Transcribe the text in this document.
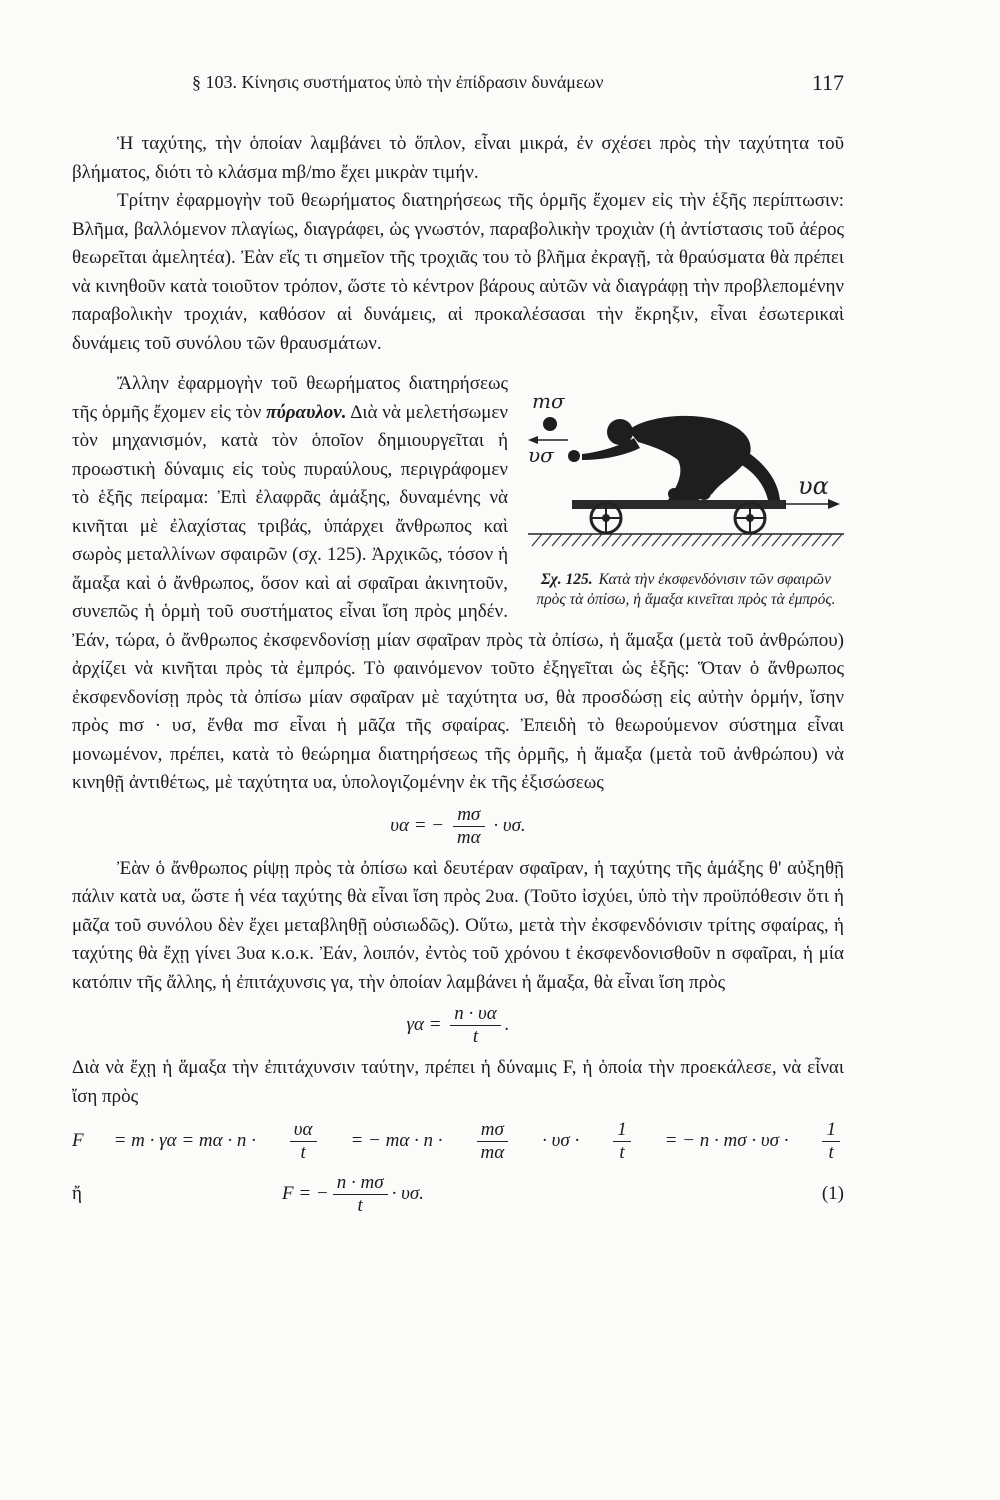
§ 103. Κίνησις συστήματος ὑπὸ τὴν ἐπίδρασιν δυνάμεων	117

Ἡ ταχύτης, τὴν ὁποίαν λαμβάνει τὸ ὅπλον, εἶναι μικρά, ἐν σχέσει πρὸς τὴν ταχύτητα τοῦ βλήματος, διότι τὸ κλάσμα mβ/mο ἔχει μικρὰν τιμήν.

Τρίτην ἐφαρμογὴν τοῦ θεωρήματος διατηρήσεως τῆς ὁρμῆς ἔχομεν εἰς τὴν ἑξῆς περίπτωσιν: Βλῆμα, βαλλόμενον πλαγίως, διαγράφει, ὡς γνωστόν, παραβολικὴν τροχιὰν (ἡ ἀντίστασις τοῦ ἀέρος θεωρεῖται ἀμελητέα). Ἐὰν εἴς τι σημεῖον τῆς τροχιᾶς του τὸ βλῆμα ἐκραγῇ, τὰ θραύσματα θὰ πρέπει νὰ κινηθοῦν κατὰ τοιοῦτον τρόπον, ὥστε τὸ κέντρον βάρους αὐτῶν νὰ διαγράφῃ τὴν προβλεπομένην παραβολικὴν τροχιάν, καθόσον αἱ δυνάμεις, αἱ προκαλέσασαι τὴν ἔκρηξιν, εἶναι ἐσωτερικαὶ δυνάμεις τοῦ συνόλου τῶν θραυσμάτων.

mσ
υσ
υα
Σχ. 125. Κατὰ τὴν ἐκσφενδόνισιν τῶν σφαιρῶν πρὸς τὰ ὀπίσω, ἡ ἅμαξα κινεῖται πρὸς τὰ ἐμπρός.

Ἄλλην ἐφαρμογὴν τοῦ θεωρήματος διατηρήσεως τῆς ὁρμῆς ἔχομεν εἰς τὸν πύραυλον. Διὰ νὰ μελετήσωμεν τὸν μηχανισμόν, κατὰ τὸν ὁποῖον δημιουργεῖται ἡ προωστικὴ δύναμις εἰς τοὺς πυραύλους, περιγράφομεν τὸ ἑξῆς πείραμα: Ἐπὶ ἐλαφρᾶς ἁμάξης, δυναμένης νὰ κινῆται μὲ ἐλαχίστας τριβάς, ὑπάρχει ἄνθρωπος καὶ σωρὸς μεταλλίνων σφαιρῶν (σχ. 125). Ἀρχικῶς, τόσον ἡ ἅμαξα καὶ ὁ ἄνθρωπος, ὅσον καὶ αἱ σφαῖραι ἀκινητοῦν, συνεπῶς ἡ ὁρμὴ τοῦ συστήματος εἶναι ἴση πρὸς μηδέν. Ἐάν, τώρα, ὁ ἄνθρωπος ἐκσφενδονίσῃ μίαν σφαῖραν πρὸς τὰ ὀπίσω, ἡ ἅμαξα (μετὰ τοῦ ἀνθρώπου) ἀρχίζει νὰ κινῆται πρὸς τὰ ἐμπρός. Τὸ φαινόμενον τοῦτο ἐξηγεῖται ὡς ἑξῆς: Ὅταν ὁ ἄνθρωπος ἐκσφενδονίσῃ πρὸς τὰ ὀπίσω μίαν σφαῖραν μὲ ταχύτητα υσ, θὰ προσδώσῃ εἰς αὐτὴν ὁρμήν, ἴσην πρὸς mσ · υσ, ἔνθα mσ εἶναι ἡ μᾶζα τῆς σφαίρας. Ἐπειδὴ τὸ θεωρούμενον σύστημα εἶναι μονωμένον, πρέπει, κατὰ τὸ θεώρημα διατηρήσεως τῆς ὁρμῆς, ἡ ἅμαξα (μετὰ τοῦ ἀνθρώπου) νὰ κινηθῇ ἀντιθέτως, μὲ ταχύτητα υα, ὑπολογιζομένην ἐκ τῆς ἐξισώσεως

υα = − $\frac{m\sigma}{m\alpha} \cdot \upsilon\sigma$.

Ἐὰν ὁ ἄνθρωπος ρίψῃ πρὸς τὰ ὀπίσω καὶ δευτέραν σφαῖραν, ἡ ταχύτης τῆς ἁμάξης θ' αὐξηθῇ πάλιν κατὰ υα, ὥστε ἡ νέα ταχύτης θὰ εἶναι ἴση πρὸς 2υα. (Τοῦτο ἰσχύει, ὑπὸ τὴν προϋπόθεσιν ὅτι ἡ μᾶζα τοῦ συνόλου δὲν ἔχει μεταβληθῇ οὐσιωδῶς). Οὕτω, μετὰ τὴν ἐκσφενδόνισιν τρίτης σφαίρας, ἡ ταχύτης θὰ ἔχῃ γίνει 3υα κ.ο.κ. Ἐάν, λοιπόν, ἐντὸς τοῦ χρόνου t ἐκσφενδονισθοῦν n σφαῖραι, ἡ μία κατόπιν τῆς ἄλλης, ἡ ἐπιτάχυνσις γα, τὴν ὁποίαν λαμβάνει ἡ ἅμαξα, θὰ εἶναι ἴση πρὸς

$\gamma\alpha = \frac{n \cdot \upsilon\alpha}{t}$ .

Διὰ νὰ ἔχῃ ἡ ἅμαξα τὴν ἐπιτάχυνσιν ταύτην, πρέπει ἡ δύναμις F, ἡ ὁποία τὴν προεκάλεσε, νὰ εἶναι ἴση πρὸς

$F = m \cdot \gamma\alpha = m\alpha \cdot n \cdot \frac{\upsilon\alpha}{t}$ = − $m\alpha \cdot n \cdot \frac{m\sigma}{m\alpha} \cdot \upsilon\sigma \cdot \frac{1}{t}$ = − $n \cdot m\sigma \cdot \upsilon\sigma \cdot \frac{1}{t}$
ἤ	F = − $\frac{n \cdot m\sigma}{t} \cdot \upsilon\sigma$.	(1)
